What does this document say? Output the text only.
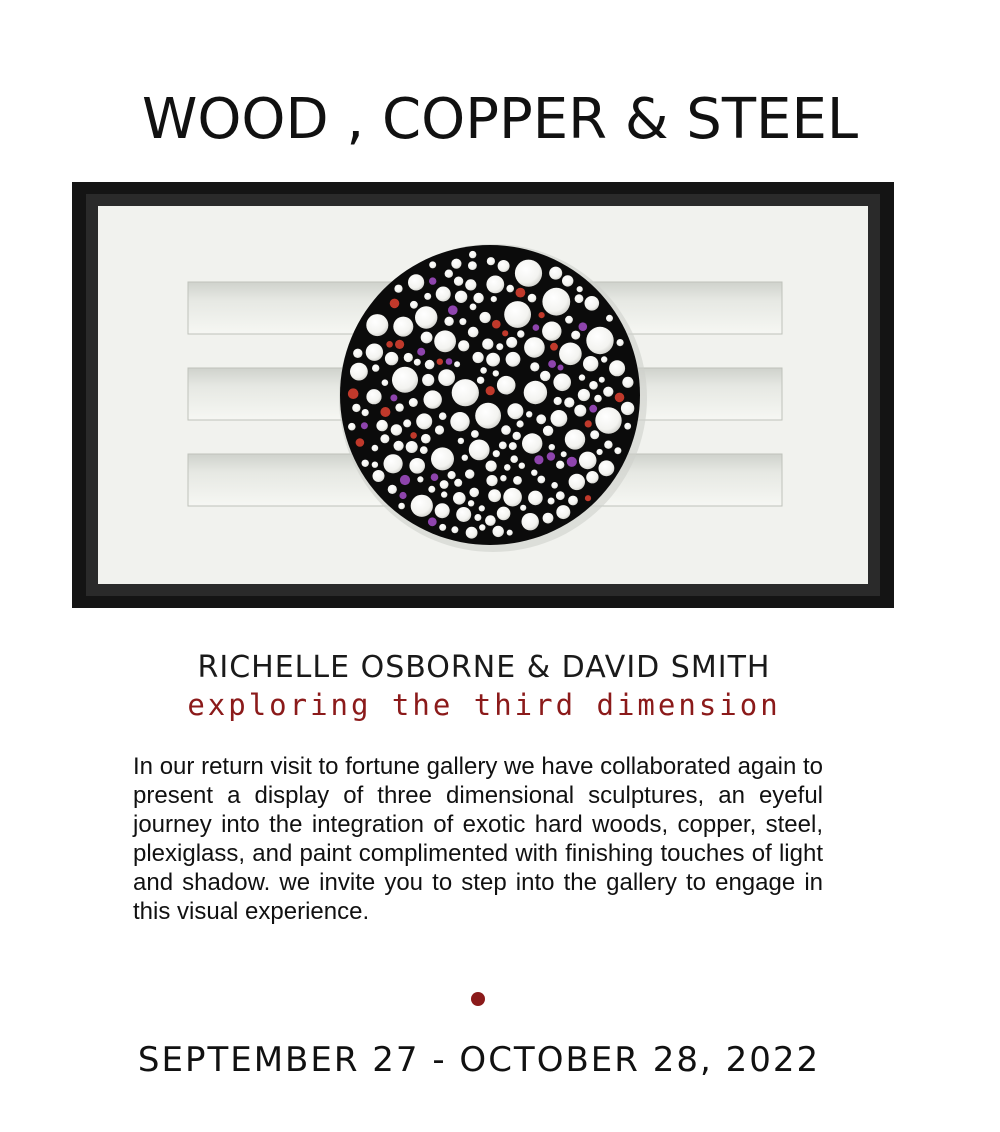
WOOD , COPPER & STEEL
RICHELLE OSBORNE & DAVID SMITH
exploring the third dimension
In our return visit to fortune gallery we have collaborated again to present a display of three dimensional sculptures, an eyeful journey into the integration of exotic hard woods, copper, steel, plexiglass, and paint complimented with finishing touches of light and shadow. we invite you to step into the gallery to engage in this visual experience.
SEPTEMBER 27 - OCTOBER 28, 2022
